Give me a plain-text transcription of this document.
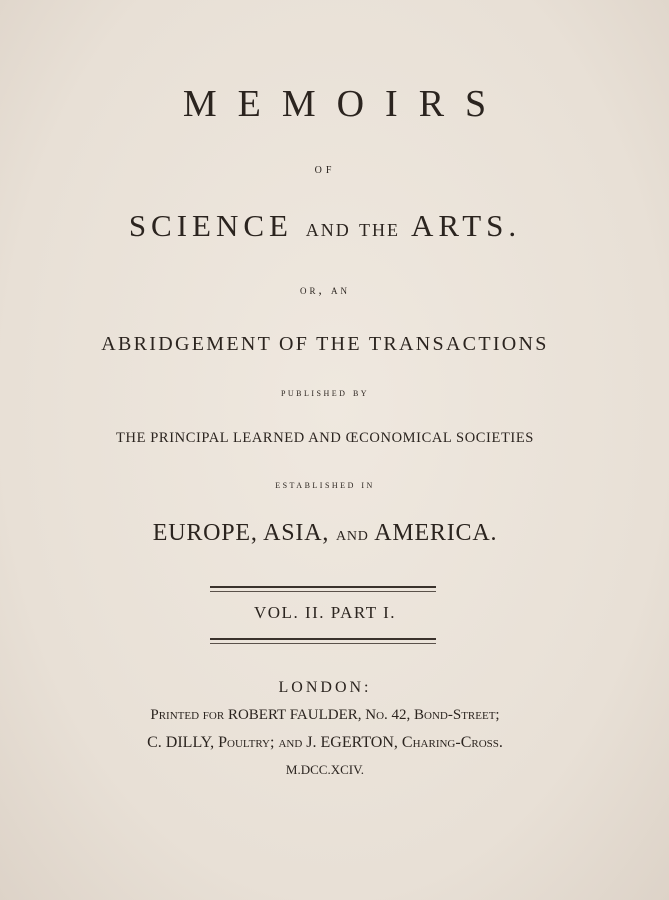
MEMOIRS
of
SCIENCE and the ARTS.
or, an
ABRIDGEMENT OF THE TRANSACTIONS
published by
THE PRINCIPAL LEARNED AND ŒCONOMICAL SOCIETIES
established in
EUROPE, ASIA, and AMERICA.
VOL. II. PART I.
LONDON:
Printed for ROBERT FAULDER, No. 42, Bond-Street;
C. DILLY, Poultry; and J. EGERTON, Charing-Cross.
M.DCC.XCIV.
